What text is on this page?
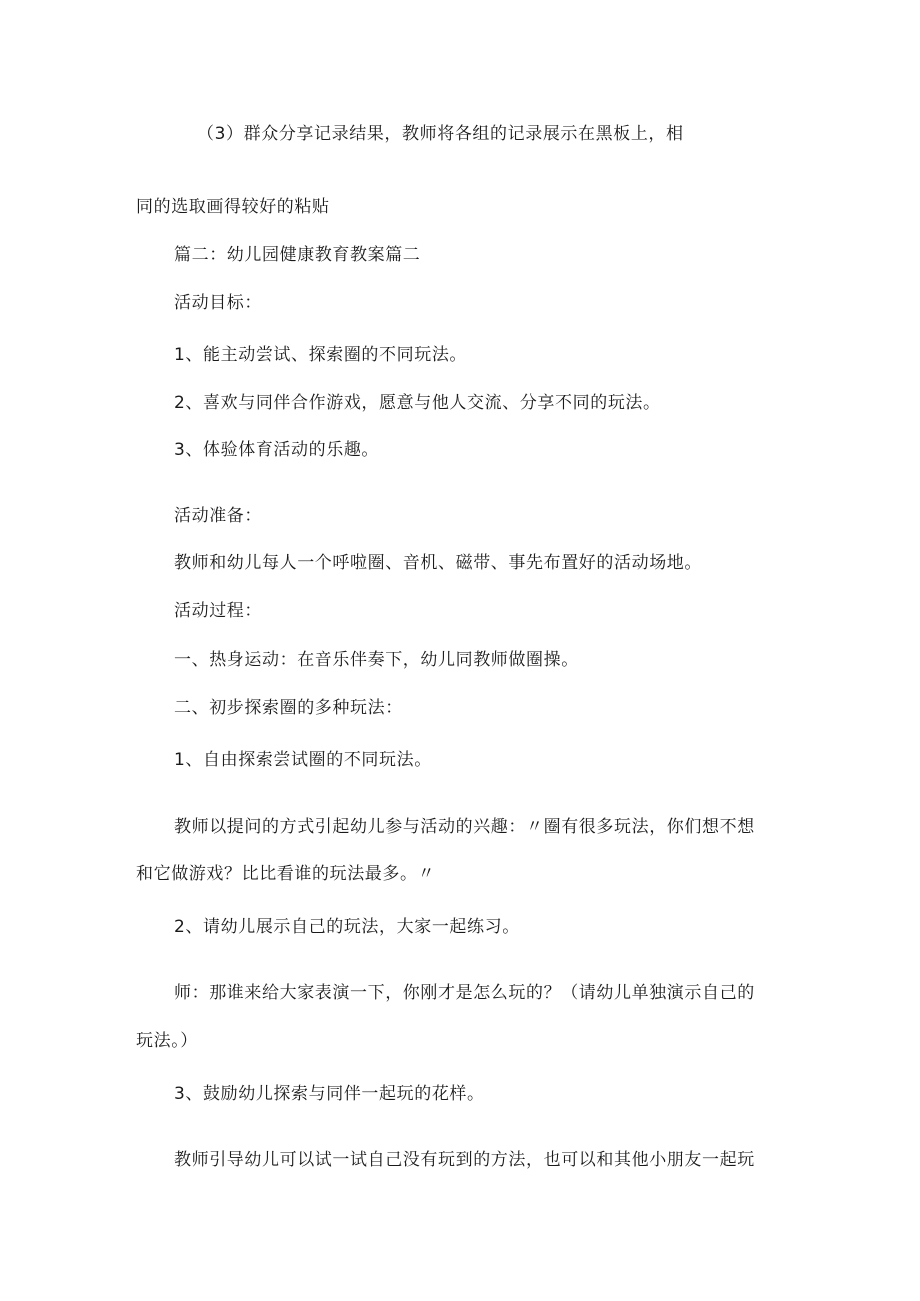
（3）群众分享记录结果，教师将各组的记录展示在黑板上，相
同的选取画得较好的粘贴
篇二：幼儿园健康教育教案篇二
活动目标：
1、能主动尝试、探索圈的不同玩法。
2、喜欢与同伴合作游戏，愿意与他人交流、分享不同的玩法。
3、体验体育活动的乐趣。
活动准备：
教师和幼儿每人一个呼啦圈、音机、磁带、事先布置好的活动场地。
活动过程：
一、热身运动：在音乐伴奏下，幼儿同教师做圈操。
二、初步探索圈的多种玩法：
1、自由探索尝试圈的不同玩法。
教师以提问的方式引起幼儿参与活动的兴趣：〃圈有很多玩法，你们想不想
和它做游戏？比比看谁的玩法最多。〃
2、请幼儿展示自己的玩法，大家一起练习。
师：那谁来给大家表演一下，你刚才是怎么玩的？（请幼儿单独演示自己的
玩法。）
3、鼓励幼儿探索与同伴一起玩的花样。
教师引导幼儿可以试一试自己没有玩到的方法，也可以和其他小朋友一起玩
